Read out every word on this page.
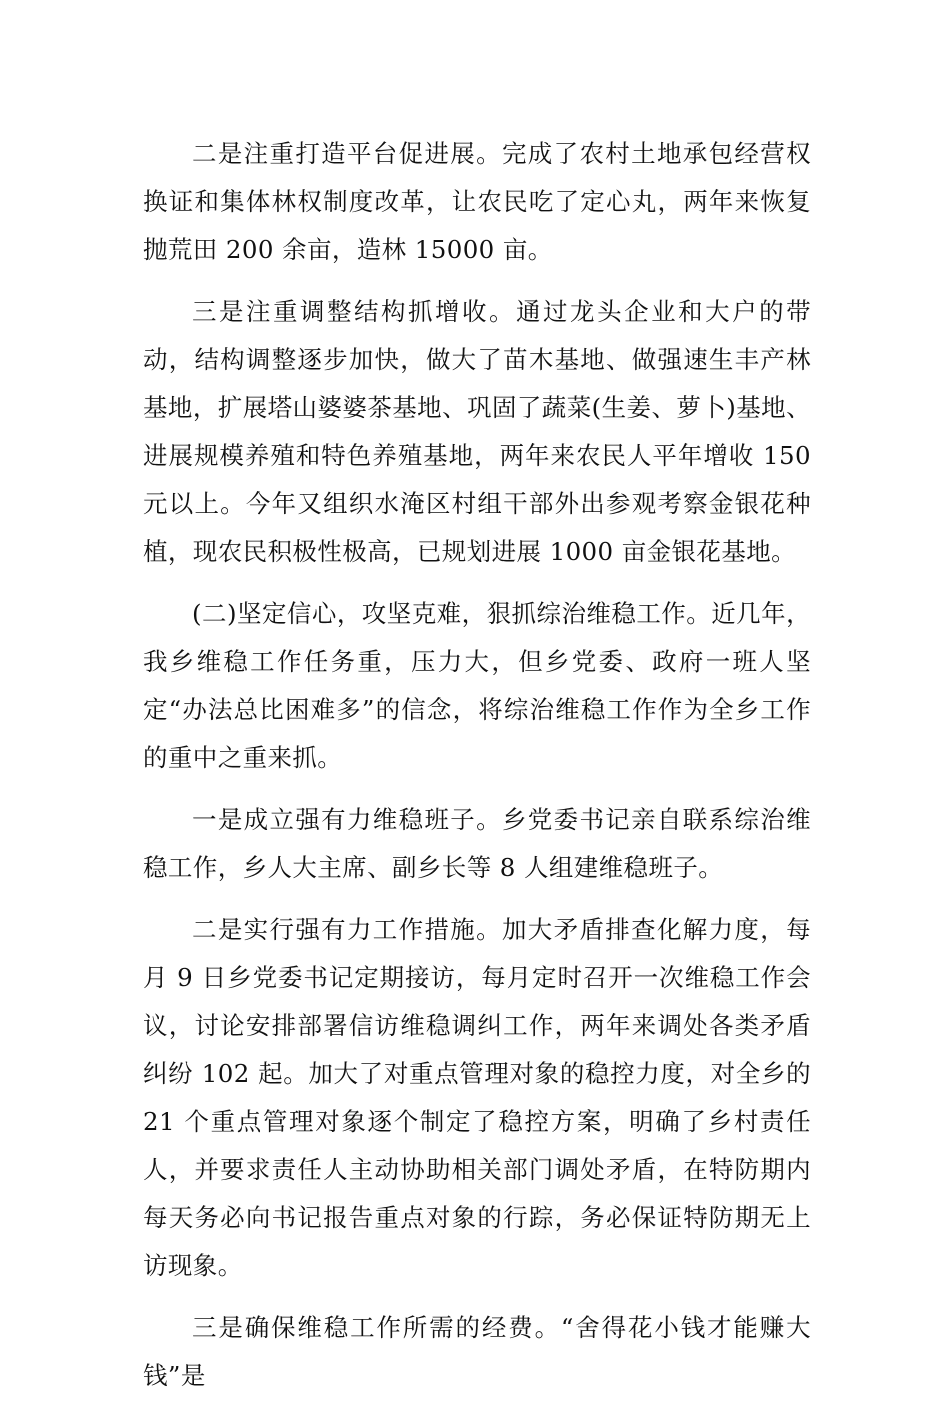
二是注重打造平台促进展。完成了农村土地承包经营权换证和集体林权制度改革，让农民吃了定心丸，两年来恢复抛荒田 200 余亩，造林 15000 亩。

三是注重调整结构抓增收。通过龙头企业和大户的带动，结构调整逐步加快，做大了苗木基地、做强速生丰产林基地，扩展塔山婆婆茶基地、巩固了蔬菜(生姜、萝卜)基地、进展规模养殖和特色养殖基地，两年来农民人平年增收 150 元以上。今年又组织水淹区村组干部外出参观考察金银花种植，现农民积极性极高，已规划进展 1000 亩金银花基地。

(二)坚定信心，攻坚克难，狠抓综治维稳工作。近几年，我乡维稳工作任务重，压力大，但乡党委、政府一班人坚定“办法总比困难多”的信念，将综治维稳工作作为全乡工作的重中之重来抓。

一是成立强有力维稳班子。乡党委书记亲自联系综治维稳工作，乡人大主席、副乡长等 8 人组建维稳班子。

二是实行强有力工作措施。加大矛盾排查化解力度，每月 9 日乡党委书记定期接访，每月定时召开一次维稳工作会议，讨论安排部署信访维稳调纠工作，两年来调处各类矛盾纠纷 102 起。加大了对重点管理对象的稳控力度，对全乡的 21 个重点管理对象逐个制定了稳控方案，明确了乡村责任人，并要求责任人主动协助相关部门调处矛盾，在特防期内每天务必向书记报告重点对象的行踪，务必保证特防期无上访现象。

三是确保维稳工作所需的经费。“舍得花小钱才能赚大钱”是
